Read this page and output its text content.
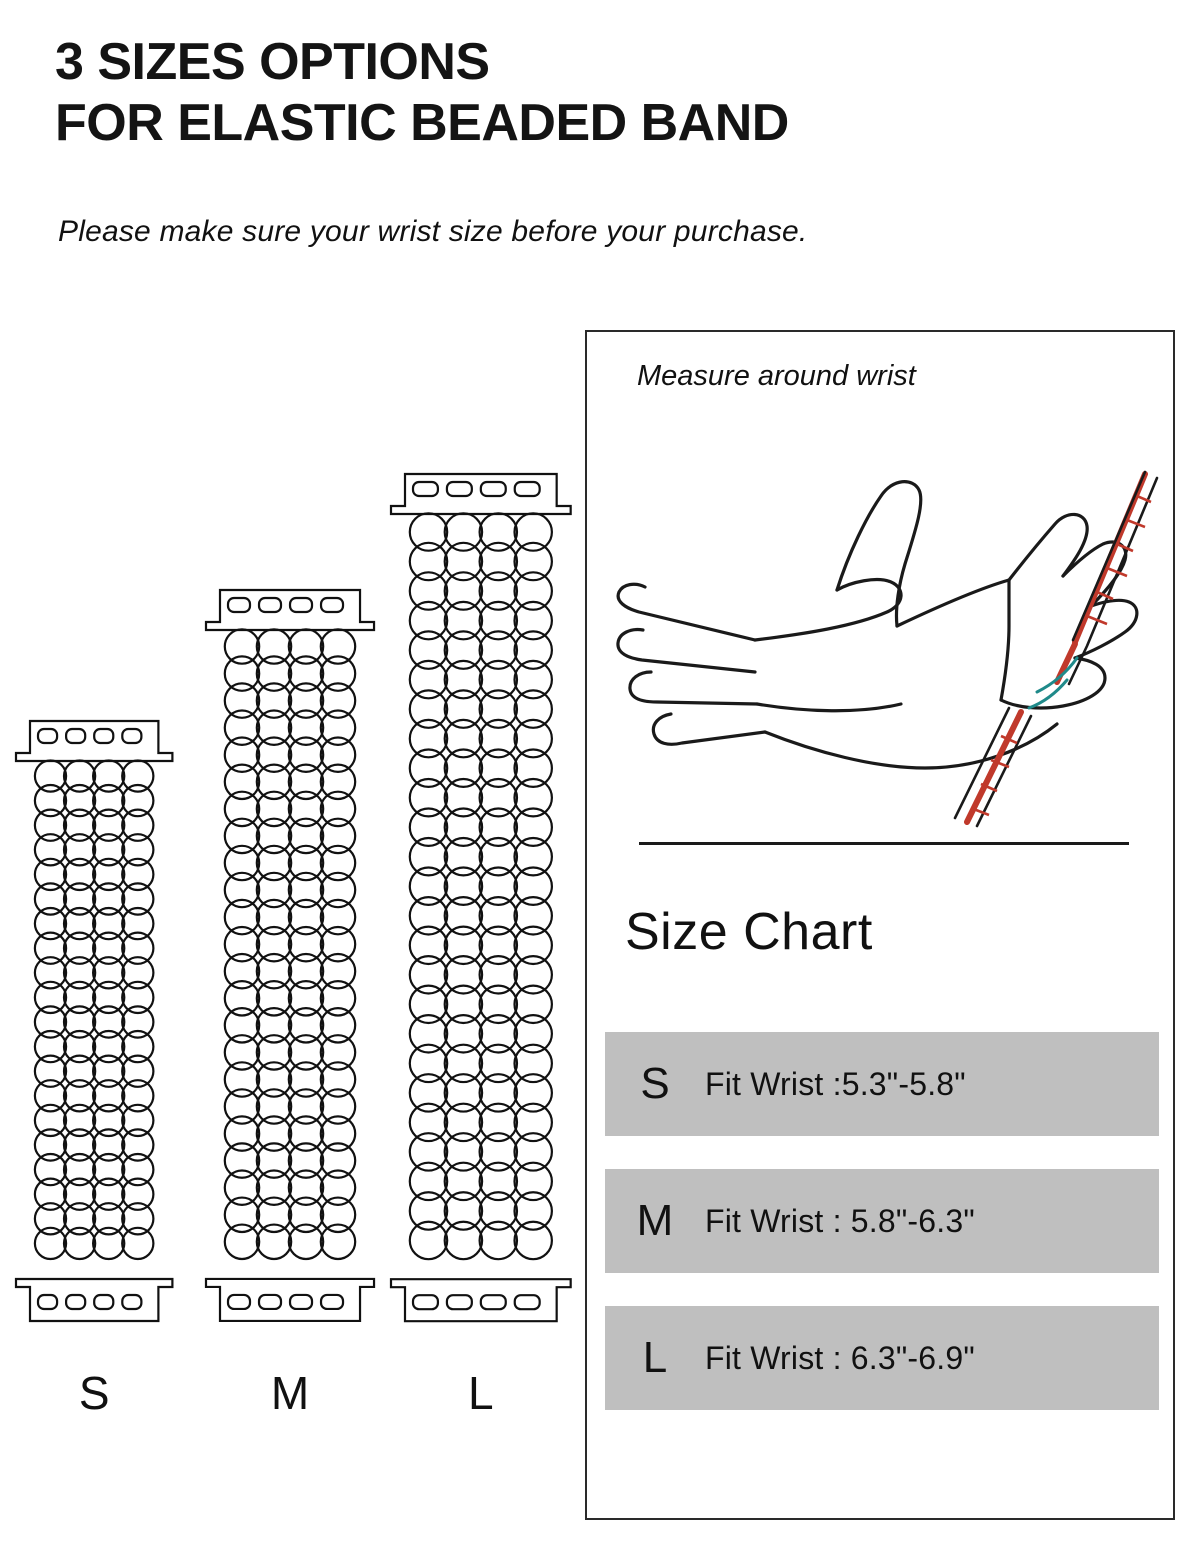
3 SIZES OPTIONS
FOR ELASTIC BEADED BAND
Please make sure your wrist size before your purchase.
S	M	L
Measure around wrist
Size Chart
S	Fit Wrist :5.3"-5.8"
M Fit Wrist : 5.8"-6.3"
L	Fit Wrist : 6.3"-6.9"
